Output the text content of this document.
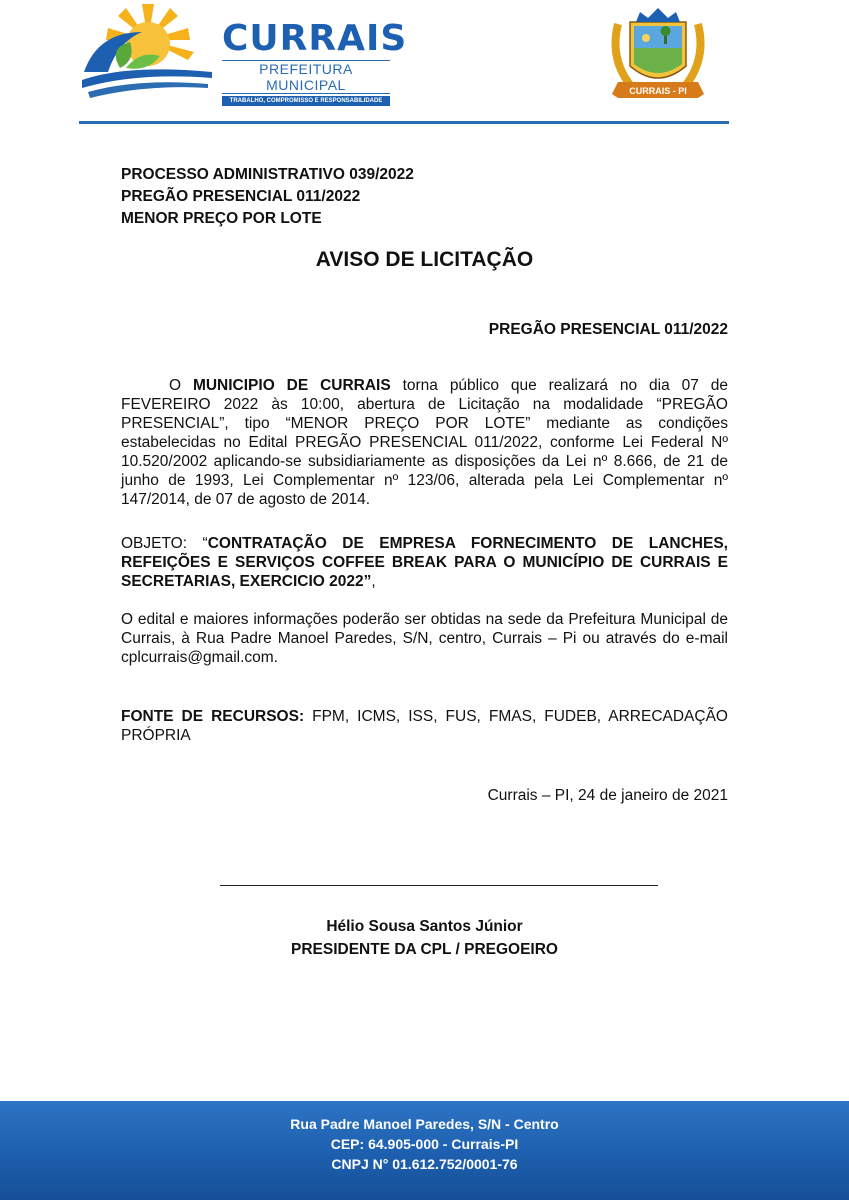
CURRAIS
PREFEITURA MUNICIPAL
TRABALHO, COMPROMISSO E RESPONSABILIDADE
CURRAIS - PI
PROCESSO ADMINISTRATIVO 039/2022
PREGÃO PRESENCIAL 011/2022
MENOR PREÇO POR LOTE
AVISO DE LICITAÇÃO
PREGÃO PRESENCIAL 011/2022
O MUNICIPIO DE CURRAIS torna público que realizará no dia 07 de FEVEREIRO 2022 às 10:00, abertura de Licitação na modalidade “PREGÃO PRESENCIAL”, tipo “MENOR PREÇO POR LOTE” mediante as condições estabelecidas no Edital PREGÃO PRESENCIAL 011/2022, conforme Lei Federal Nº 10.520/2002 aplicando-se subsidiariamente as disposições da Lei nº 8.666, de 21 de junho de 1993, Lei Complementar nº 123/06, alterada pela Lei Complementar nº 147/2014, de 07 de agosto de 2014.
OBJETO: “CONTRATAÇÃO DE EMPRESA FORNECIMENTO DE LANCHES, REFEIÇÕES E SERVIÇOS COFFEE BREAK PARA O MUNICÍPIO DE CURRAIS E SECRETARIAS, EXERCICIO 2022”,
O edital e maiores informações poderão ser obtidas na sede da Prefeitura Municipal de Currais, à Rua Padre Manoel Paredes, S/N, centro, Currais – Pi ou através do e-mail cplcurrais@gmail.com.
FONTE DE RECURSOS: FPM, ICMS, ISS, FUS, FMAS, FUDEB, ARRECADAÇÃO PRÓPRIA
Currais – PI, 24 de janeiro de 2021
Hélio Sousa Santos Júnior
PRESIDENTE DA CPL / PREGOEIRO
Rua Padre Manoel Paredes, S/N - Centro
CEP: 64.905-000 - Currais-PI
CNPJ N° 01.612.752/0001-76
